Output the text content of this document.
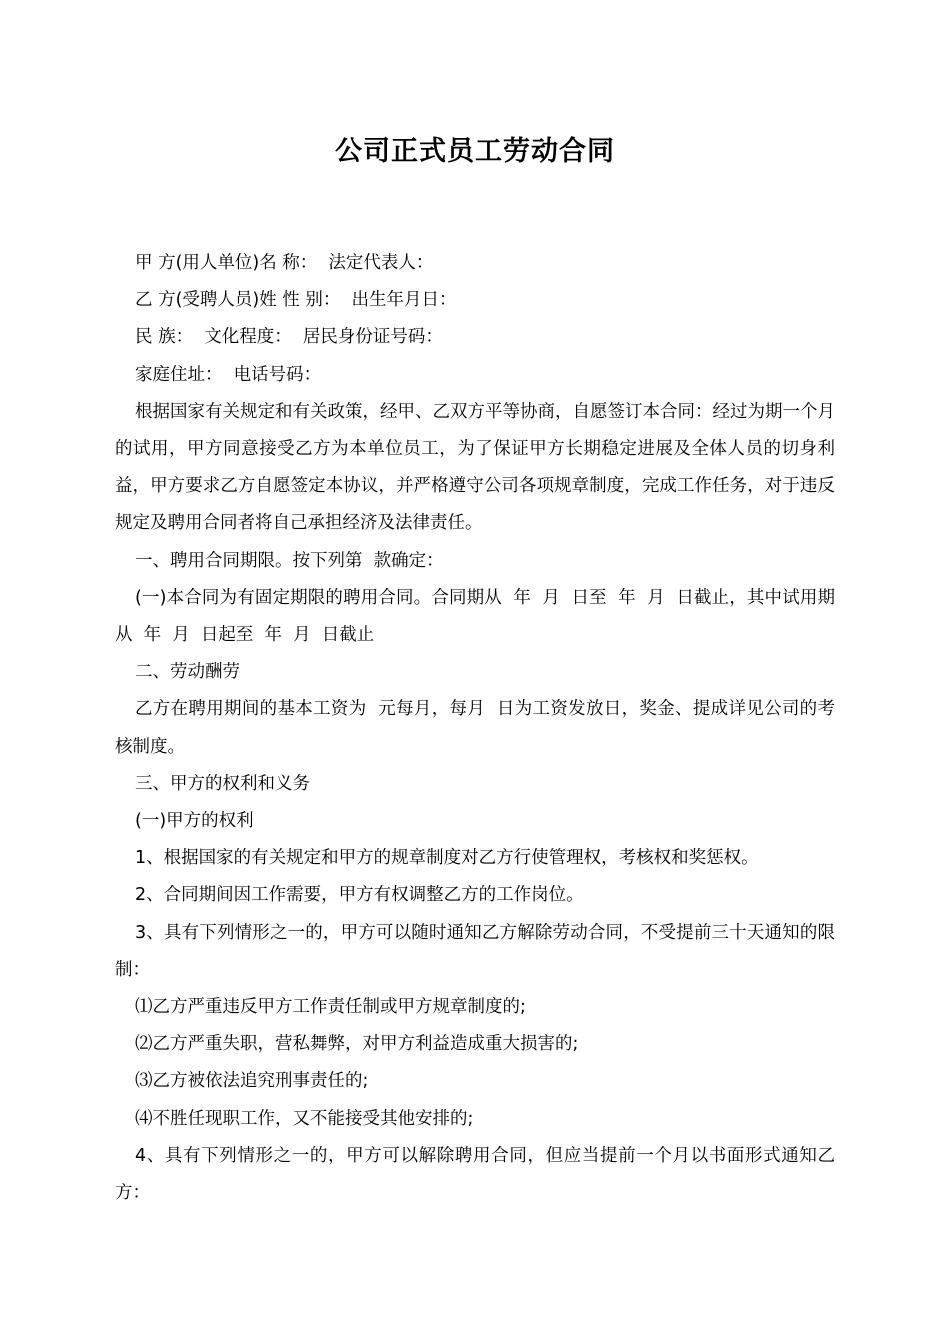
公司正式员工劳动合同

甲 方(用人单位)名 称：  法定代表人：

乙 方(受聘人员)姓 性 别：  出生年月日：

民 族：  文化程度：  居民身份证号码：

家庭住址：  电话号码：

根据国家有关规定和有关政策，经甲、乙双方平等协商，自愿签订本合同：经过为期一个月的试用，甲方同意接受乙方为本单位员工，为了保证甲方长期稳定进展及全体人员的切身利益，甲方要求乙方自愿签定本协议，并严格遵守公司各项规章制度，完成工作任务，对于违反规定及聘用合同者将自己承担经济及法律责任。

一、聘用合同期限。按下列第  款确定：

(一)本合同为有固定期限的聘用合同。合同期从  年  月  日至  年  月  日截止，其中试用期从  年  月  日起至  年  月  日截止

二、劳动酬劳

乙方在聘用期间的基本工资为  元每月，每月  日为工资发放日，奖金、提成详见公司的考核制度。

三、甲方的权利和义务

(一)甲方的权利

1、根据国家的有关规定和甲方的规章制度对乙方行使管理权，考核权和奖惩权。

2、合同期间因工作需要，甲方有权调整乙方的工作岗位。

3、具有下列情形之一的，甲方可以随时通知乙方解除劳动合同，不受提前三十天通知的限制：

⑴乙方严重违反甲方工作责任制或甲方规章制度的;

⑵乙方严重失职，营私舞弊，对甲方利益造成重大损害的;

⑶乙方被依法追究刑事责任的;

⑷不胜任现职工作，又不能接受其他安排的;

4、具有下列情形之一的，甲方可以解除聘用合同，但应当提前一个月以书面形式通知乙方：
